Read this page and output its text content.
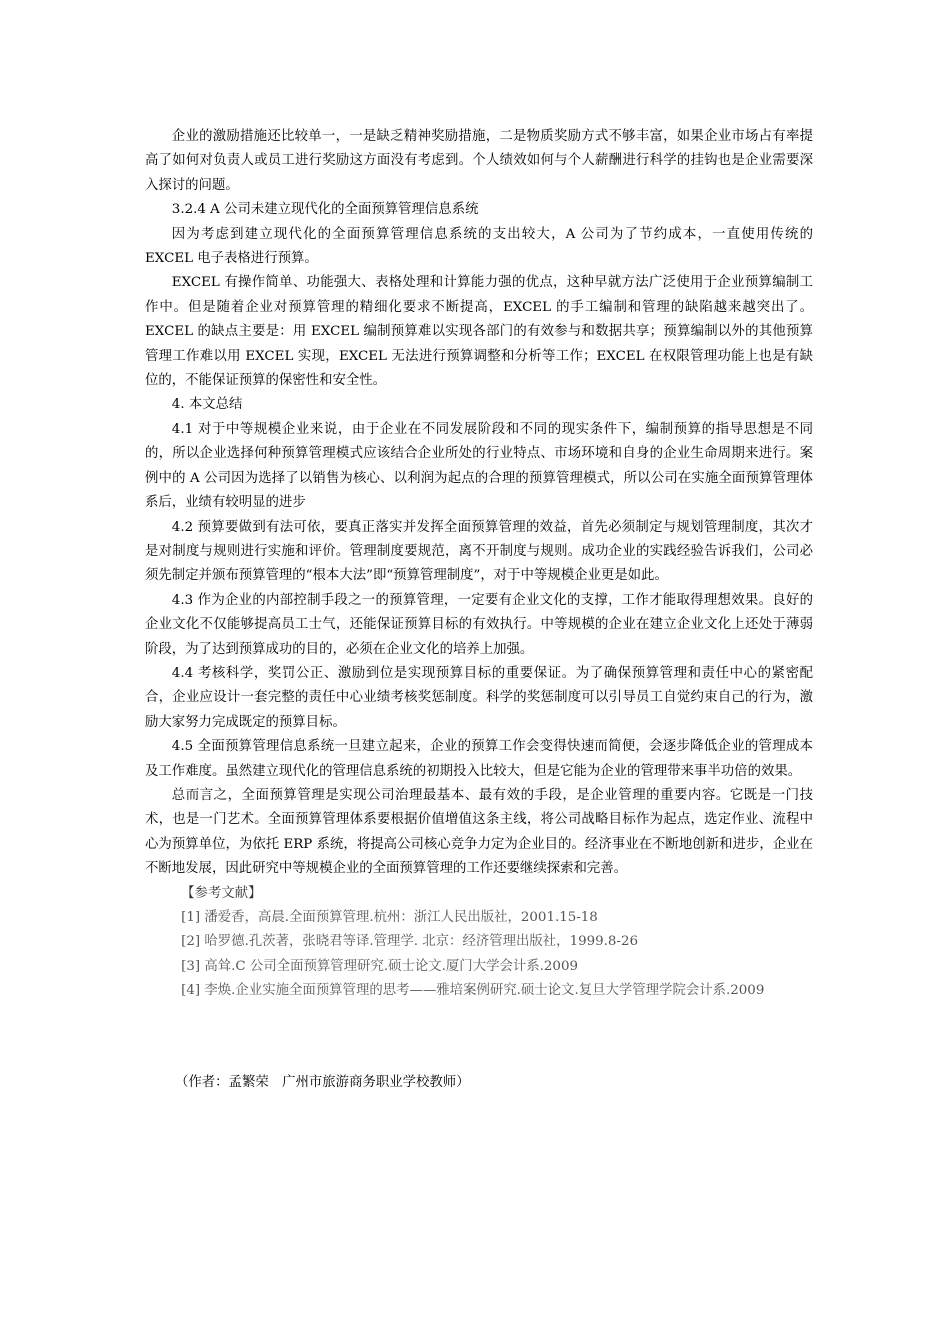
企业的激励措施还比较单一，一是缺乏精神奖励措施，二是物质奖励方式不够丰富，如果企业市场占有率提高了如何对负责人或员工进行奖励这方面没有考虑到。个人绩效如何与个人薪酬进行科学的挂钩也是企业需要深入探讨的问题。

3.2.4 A 公司未建立现代化的全面预算管理信息系统

因为考虑到建立现代化的全面预算管理信息系统的支出较大，A 公司为了节约成本，一直使用传统的 EXCEL 电子表格进行预算。

EXCEL 有操作简单、功能强大、表格处理和计算能力强的优点，这种早就方法广泛使用于企业预算编制工作中。但是随着企业对预算管理的精细化要求不断提高，EXCEL 的手工编制和管理的缺陷越来越突出了。EXCEL 的缺点主要是：用 EXCEL 编制预算难以实现各部门的有效参与和数据共享；预算编制以外的其他预算管理工作难以用 EXCEL 实现，EXCEL 无法进行预算调整和分析等工作；EXCEL 在权限管理功能上也是有缺位的，不能保证预算的保密性和安全性。

4. 本文总结

4.1 对于中等规模企业来说，由于企业在不同发展阶段和不同的现实条件下，编制预算的指导思想是不同的，所以企业选择何种预算管理模式应该结合企业所处的行业特点、市场环境和自身的企业生命周期来进行。案例中的 A 公司因为选择了以销售为核心、以利润为起点的合理的预算管理模式，所以公司在实施全面预算管理体系后，业绩有较明显的进步

4.2 预算要做到有法可依，要真正落实并发挥全面预算管理的效益，首先必须制定与规划管理制度，其次才是对制度与规则进行实施和评价。管理制度要规范，离不开制度与规则。成功企业的实践经验告诉我们，公司必须先制定并颁布预算管理的“根本大法”即“预算管理制度”，对于中等规模企业更是如此。

4.3 作为企业的内部控制手段之一的预算管理，一定要有企业文化的支撑，工作才能取得理想效果。良好的企业文化不仅能够提高员工士气，还能保证预算目标的有效执行。中等规模的企业在建立企业文化上还处于薄弱阶段，为了达到预算成功的目的，必须在企业文化的培养上加强。

4.4 考核科学，奖罚公正、激励到位是实现预算目标的重要保证。为了确保预算管理和责任中心的紧密配合，企业应设计一套完整的责任中心业绩考核奖惩制度。科学的奖惩制度可以引导员工自觉约束自己的行为，激励大家努力完成既定的预算目标。

4.5 全面预算管理信息系统一旦建立起来，企业的预算工作会变得快速而简便，会逐步降低企业的管理成本及工作难度。虽然建立现代化的管理信息系统的初期投入比较大，但是它能为企业的管理带来事半功倍的效果。

总而言之，全面预算管理是实现公司治理最基本、最有效的手段，是企业管理的重要内容。它既是一门技术，也是一门艺术。全面预算管理体系要根据价值增值这条主线，将公司战略目标作为起点，选定作业、流程中心为预算单位，为依托 ERP 系统，将提高公司核心竞争力定为企业目的。经济事业在不断地创新和进步，企业在不断地发展，因此研究中等规模企业的全面预算管理的工作还要继续探索和完善。

【参考文献】
[1] 潘爱香，高晨.全面预算管理.杭州：浙江人民出版社，2001.15-18
[2] 哈罗德.孔茨著，张晓君等译.管理学. 北京：经济管理出版社，1999.8-26
[3] 高耸.C 公司全面预算管理研究.硕士论文.厦门大学会计系.2009
[4] 李焕.企业实施全面预算管理的思考——雅培案例研究.硕士论文.复旦大学管理学院会计系.2009
（作者：孟繁荣　广州市旅游商务职业学校教师）
